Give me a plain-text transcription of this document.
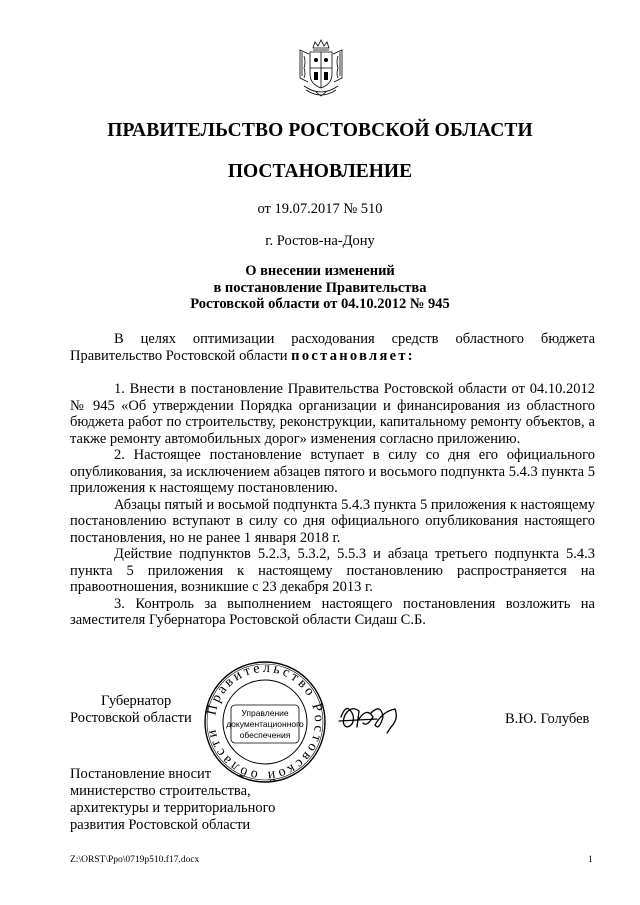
ПРАВИТЕЛЬСТВО РОСТОВСКОЙ ОБЛАСТИ
ПОСТАНОВЛЕНИЕ
от 19.07.2017 № 510
г. Ростов-на-Дону
О внесении изменений
в постановление Правительства
Ростовской области от 04.10.2012 № 945

В целях оптимизации расходования средств областного бюджета Правительство Ростовской области постановляет:

1. Внести в постановление Правительства Ростовской области от 04.10.2012 № 945 «Об утверждении Порядка организации и финансирования из областного бюджета работ по строительству, реконструкции, капитальному ремонту объектов, а также ремонту автомобильных дорог» изменения согласно приложению.

2. Настоящее постановление вступает в силу со дня его официального опубликования, за исключением абзацев пятого и восьмого подпункта 5.4.3 пункта 5 приложения к настоящему постановлению.

Абзацы пятый и восьмой подпункта 5.4.3 пункта 5 приложения к настоящему постановлению вступают в силу со дня официального опубликования настоящего постановления, но не ранее 1 января 2018 г.

Действие подпунктов 5.2.3, 5.3.2, 5.5.3 и абзаца третьего подпункта 5.4.3 пункта 5 приложения к настоящему постановлению распространяется на правоотношения, возникшие с 23 декабря 2013 г.

3. Контроль за выполнением настоящего постановления возложить на заместителя Губернатора Ростовской области Сидаш С.Б.

Губернатор
Ростовской области Правительство Ростовской области
Управление
документационного
обеспечения
В.Ю. Голубев
Постановление вносит
министерство строительства,
архитектуры и территориального
развития Ростовской области
Z:\ORST\Ppo\0719p510.f17.docx	1
